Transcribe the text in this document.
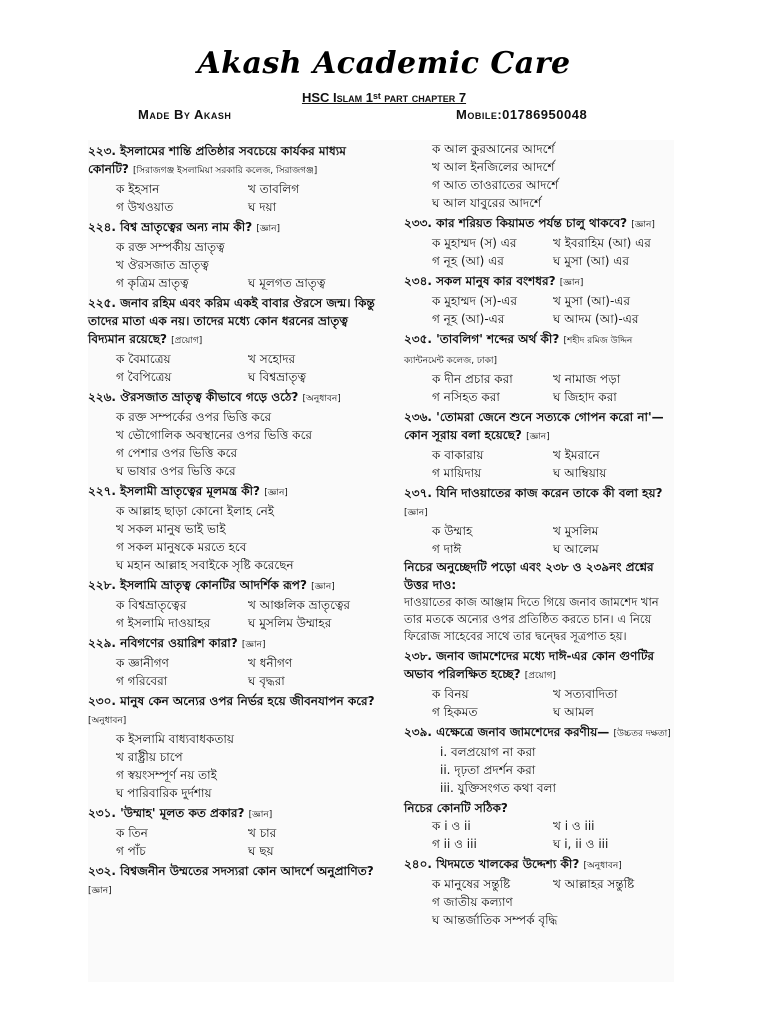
Akash Academic Care
HSC Islam 1ˢᵗ part chapter 7
Made By Akash	Mobile:01786950048
২২৩. ইসলামের শান্তি প্রতিষ্ঠার সবচেয়ে কার্যকর মাধ্যম কোনটি? [সিরাজগঞ্জ ইসলামিয়া সরকারি কলেজ, সিরাজগঞ্জ]
ক ইহসান	খ তাবলিগ
গ উখওয়াত	ঘ দয়া
২২৪. বিশ্ব ভ্রাতৃত্বের অন্য নাম কী? [জ্ঞান]
ক রক্ত সম্পর্কীয় ভ্রাতৃত্ব
খ ঔরসজাত ভ্রাতৃত্ব
গ কৃত্রিম ভ্রাতৃত্ব	ঘ মূলগত ভ্রাতৃত্ব
২২৫. জনাব রহিম এবং করিম একই বাবার ঔরসে জন্ম। কিন্তু তাদের মাতা এক নয়। তাদের মধ্যে কোন ধরনের ভ্রাতৃত্ব বিদ্যমান রয়েছে? [প্রয়োগ]
ক বৈমাত্রেয়	খ সহোদর
গ বৈপিত্রেয়	ঘ বিশ্বভ্রাতৃত্ব
২২৬. ঔরসজাত ভ্রাতৃত্ব কীভাবে গড়ে ওঠে? [অনুধাবন]
ক রক্ত সম্পর্কের ওপর ভিত্তি করে
খ ভৌগোলিক অবস্থানের ওপর ভিত্তি করে
গ পেশার ওপর ভিত্তি করে
ঘ ভাষার ওপর ভিত্তি করে
২২৭. ইসলামী ভ্রাতৃত্বের মূলমন্ত্র কী? [জ্ঞান]
ক আল্লাহ ছাড়া কোনো ইলাহ নেই
খ সকল মানুষ ভাই ভাই
গ সকল মানুষকে মরতে হবে
ঘ মহান আল্লাহ সবাইকে সৃষ্টি করেছেন
২২৮. ইসলামি ভ্রাতৃত্ব কোনটির আদর্শিক রূপ? [জ্ঞান]
ক বিশ্বভ্রাতৃত্বের	খ আঞ্চলিক ভ্রাতৃত্বের
গ ইসলামি দাওয়াহর	ঘ মুসলিম উম্মাহর
২২৯. নবিগণের ওয়ারিশ কারা? [জ্ঞান]
ক জ্ঞানীগণ	খ ধনীগণ
গ গরিবেরা	ঘ বৃদ্ধরা
২৩০. মানুষ কেন অন্যের ওপর নির্ভর হয়ে জীবনযাপন করে? [অনুধাবন]
ক ইসলামি বাধ্যবাধকতায়
খ রাষ্ট্রীয় চাপে
গ স্বয়ংসম্পূর্ণ নয় তাই
ঘ পারিবারিক দুর্দশায়
২৩১. 'উম্মাহ' মূলত কত প্রকার? [জ্ঞান]
ক তিন	খ চার
গ পাঁচ	ঘ ছয়
২৩২. বিশ্বজনীন উম্মতের সদস্যরা কোন আদর্শে অনুপ্রাণিত? [জ্ঞান]
ক আল কুরআনের আদর্শে
খ আল ইনজিলের আদর্শে
গ আত তাওরাতের আদর্শে
ঘ আল যাবুরের আদর্শে
২৩৩. কার শরিয়ত কিয়ামত পর্যন্ত চালু থাকবে? [জ্ঞান]
ক মুহাম্মদ (স) এর	খ ইবরাহিম (আ) এর
গ নূহ (আ) এর	ঘ মুসা (আ) এর
২৩৪. সকল মানুষ কার বংশধর? [জ্ঞান]
ক মুহাম্মদ (স)-এর	খ মুসা (আ)-এর
গ নূহ (আ)-এর	ঘ আদম (আ)-এর
২৩৫. 'তাবলিগ' শব্দের অর্থ কী? [শহীদ রমিজ উদ্দিন ক্যান্টনমেন্ট কলেজ, ঢাকা]
ক দীন প্রচার করা	খ নামাজ পড়া
গ নসিহত করা	ঘ জিহাদ করা
২৩৬. 'তোমরা জেনে শুনে সত্যকে গোপন করো না'— কোন সূরায় বলা হয়েছে? [জ্ঞান]
ক বাকারায়	খ ইমরানে
গ মায়িদায়	ঘ আম্বিয়ায়
২৩৭. যিনি দাওয়াতের কাজ করেন তাকে কী বলা হয়? [জ্ঞান]
ক উম্মাহ	খ মুসলিম
গ দাঈ	ঘ আলেম
নিচের অনুচ্ছেদটি পড়ো এবং ২৩৮ ও ২৩৯নং প্রশ্নের উত্তর দাও:
দাওয়াতের কাজ আঞ্জাম দিতে গিয়ে জনাব জামশেদ খান তার মতকে অন্যের ওপর প্রতিষ্ঠিত করতে চান। এ নিয়ে ফিরোজ সাহেবের সাথে তার দ্বন্দ্বের সূত্রপাত হয়।
২৩৮. জনাব জামশেদের মধ্যে দাঈ-এর কোন গুণটির অভাব পরিলক্ষিত হচ্ছে? [প্রয়োগ]
ক বিনয়	খ সত্যবাদিতা
গ হিকমত	ঘ আমল
২৩৯. এক্ষেত্রে জনাব জামশেদের করণীয়— [উচ্চতর দক্ষতা]
i. বলপ্রয়োগ না করা
ii. দৃঢ়তা প্রদর্শন করা
iii. যুক্তিসংগত কথা বলা
নিচের কোনটি সঠিক?
ক i ও ii	খ i ও iii
গ ii ও iii	ঘ i, ii ও iii
২৪০. খিদমতে খালকের উদ্দেশ্য কী? [অনুধাবন]
ক মানুষের সন্তুষ্টি	খ আল্লাহর সন্তুষ্টি
গ জাতীয় কল্যাণ
ঘ আন্তর্জাতিক সম্পর্ক বৃদ্ধি
